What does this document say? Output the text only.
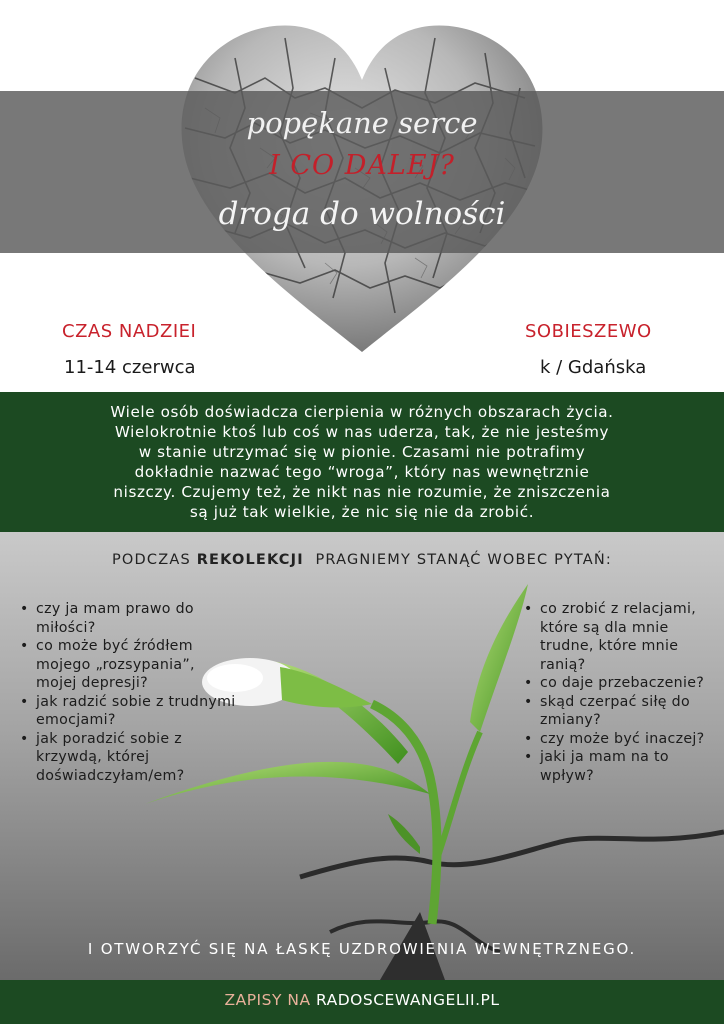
popękane serce
I CO DALEJ?
droga do wolności
CZAS NADZIEI
11-14 czerwca
SOBIESZEWO
k / Gdańska
Wiele osób doświadcza cierpienia w różnych obszarach życia.
Wielokrotnie ktoś lub coś w nas uderza, tak, że nie jesteśmy
w stanie utrzymać się w pionie. Czasami nie potrafimy
dokładnie nazwać tego “wroga”, który nas wewnętrznie
niszczy. Czujemy też, że nikt nas nie rozumie, że zniszczenia
są już tak wielkie, że nic się nie da zrobić.
PODCZAS REKOLEKCJI PRAGNIEMY STANĄĆ WOBEC PYTAŃ:
• czy ja mam prawo do miłości?
• co może być źródłem mojego „rozsypania”, mojej depresji?
• jak radzić sobie z trudnymi emocjami?
• jak poradzić sobie z krzywdą, której doświadczyłam/em?
• co zrobić z relacjami, które są dla mnie trudne, które mnie ranią?
• co daje przebaczenie?
• skąd czerpać siłę do zmiany?
• czy może być inaczej?
• jaki ja mam na to wpływ?
I OTWORZYĆ SIĘ NA ŁASKĘ UZDROWIENIA WEWNĘTRZNEGO.
ZAPISY NA RADOSCEWANGELII.PL
